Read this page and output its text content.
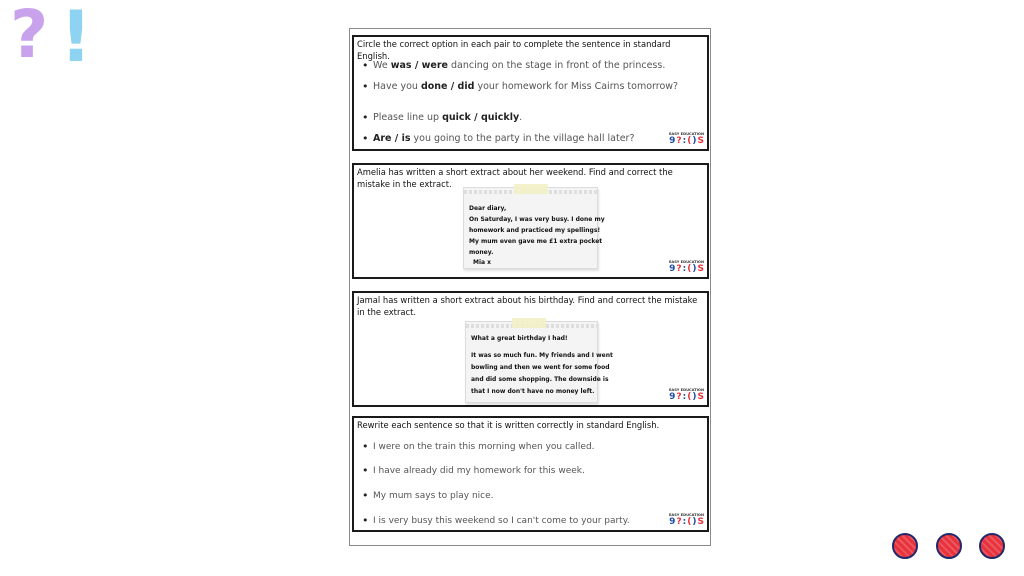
? !	Circle the correct option in each pair to complete the sentence in standard English.
• We was / were dancing on the stage in front of the princess.
• Have you done / did your homework for Miss Cairns tomorrow?
• Please line up quick / quickly.
• Are / is you going to the party in the village hall later?	EASY EDUCATION
9 ? : ( ) S
Amelia has written a short extract about her weekend. Find and correct the mistake in the extract.
Dear diary,
On Saturday, I was very busy. I done my
homework and practiced my spellings!
My mum even gave me £1 extra pocket
money.
Mia x	EASY EDUCATION
9 ? : ( ) S
Jamal has written a short extract about his birthday. Find and correct the mistake in the extract.
What a great birthday I had!
It was so much fun. My friends and I went
bowling and then we went for some food
and did some shopping. The downside is
that I now don't have no money left.	EASY EDUCATION
9 ? : ( ) S
Rewrite each sentence so that it is written correctly in standard English.
• I were on the train this morning when you called.
• I have already did my homework for this week.
• My mum says to play nice.
• I is very busy this weekend so I can't come to your party.
EASY EDUCATION
9 ? : ( ) S
